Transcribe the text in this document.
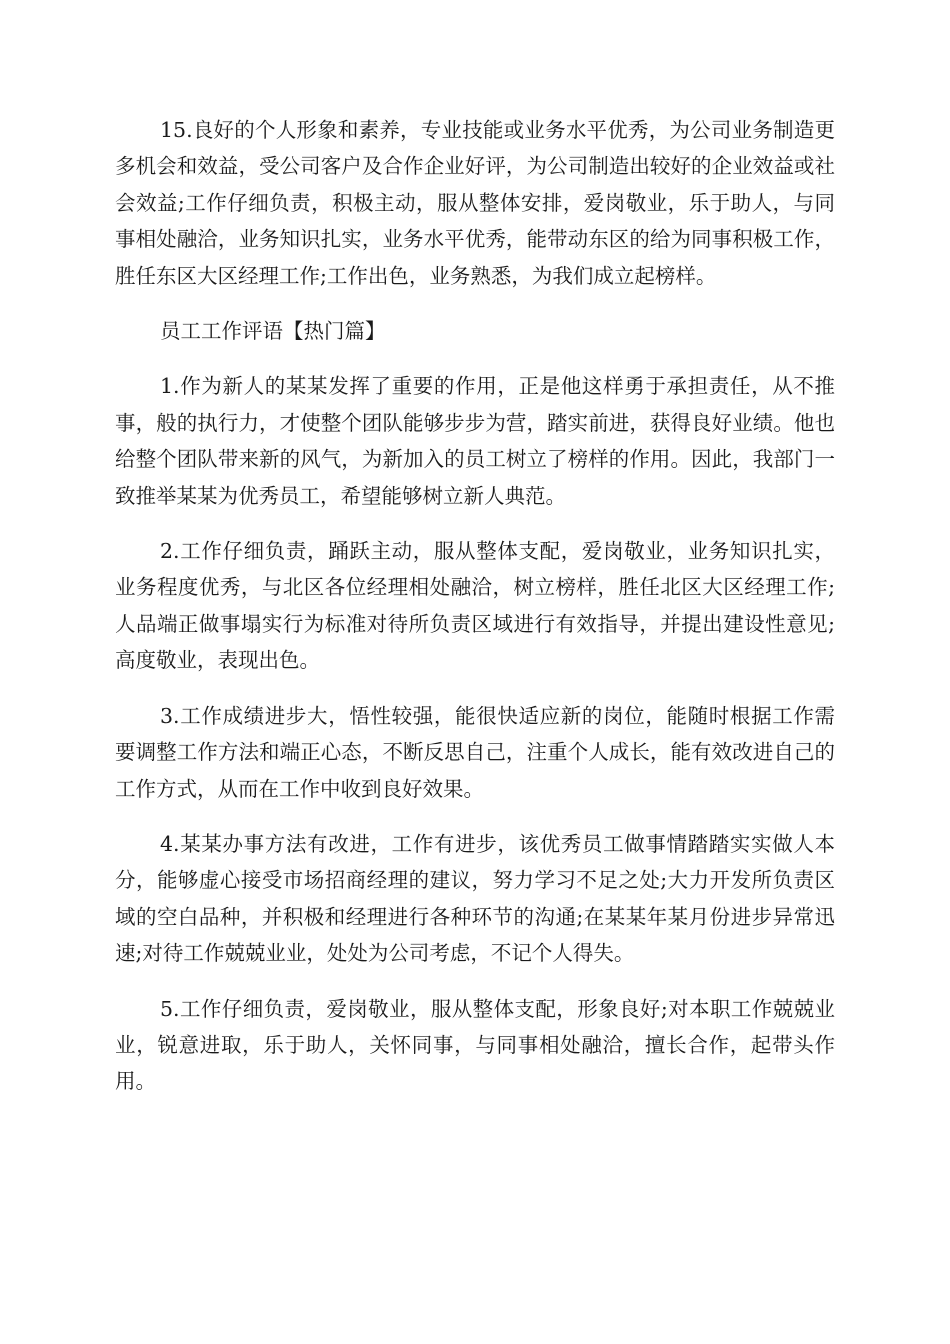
15.良好的个人形象和素养，专业技能或业务水平优秀，为公司业务制造更多机会和效益，受公司客户及合作企业好评，为公司制造出较好的企业效益或社会效益;工作仔细负责，积极主动，服从整体安排，爱岗敬业，乐于助人，与同事相处融洽，业务知识扎实，业务水平优秀，能带动东区的给为同事积极工作，胜任东区大区经理工作;工作出色，业务熟悉，为我们成立起榜样。

员工工作评语【热门篇】

1.作为新人的某某发挥了重要的作用，正是他这样勇于承担责任，从不推事，般的执行力，才使整个团队能够步步为营，踏实前进，获得良好业绩。他也给整个团队带来新的风气，为新加入的员工树立了榜样的作用。因此，我部门一致推举某某为优秀员工，希望能够树立新人典范。

2.工作仔细负责，踊跃主动，服从整体支配，爱岗敬业，业务知识扎实，业务程度优秀，与北区各位经理相处融洽，树立榜样，胜任北区大区经理工作;人品端正做事塌实行为标准对待所负责区域进行有效指导，并提出建设性意见;高度敬业，表现出色。

3.工作成绩进步大，悟性较强，能很快适应新的岗位，能随时根据工作需要调整工作方法和端正心态，不断反思自己，注重个人成长，能有效改进自己的工作方式，从而在工作中收到良好效果。

4.某某办事方法有改进，工作有进步，该优秀员工做事情踏踏实实做人本分，能够虚心接受市场招商经理的建议，努力学习不足之处;大力开发所负责区域的空白品种，并积极和经理进行各种环节的沟通;在某某年某月份进步异常迅速;对待工作兢兢业业，处处为公司考虑，不记个人得失。

5.工作仔细负责，爱岗敬业，服从整体支配，形象良好;对本职工作兢兢业业，锐意进取，乐于助人，关怀同事，与同事相处融洽，擅长合作，起带头作用。
